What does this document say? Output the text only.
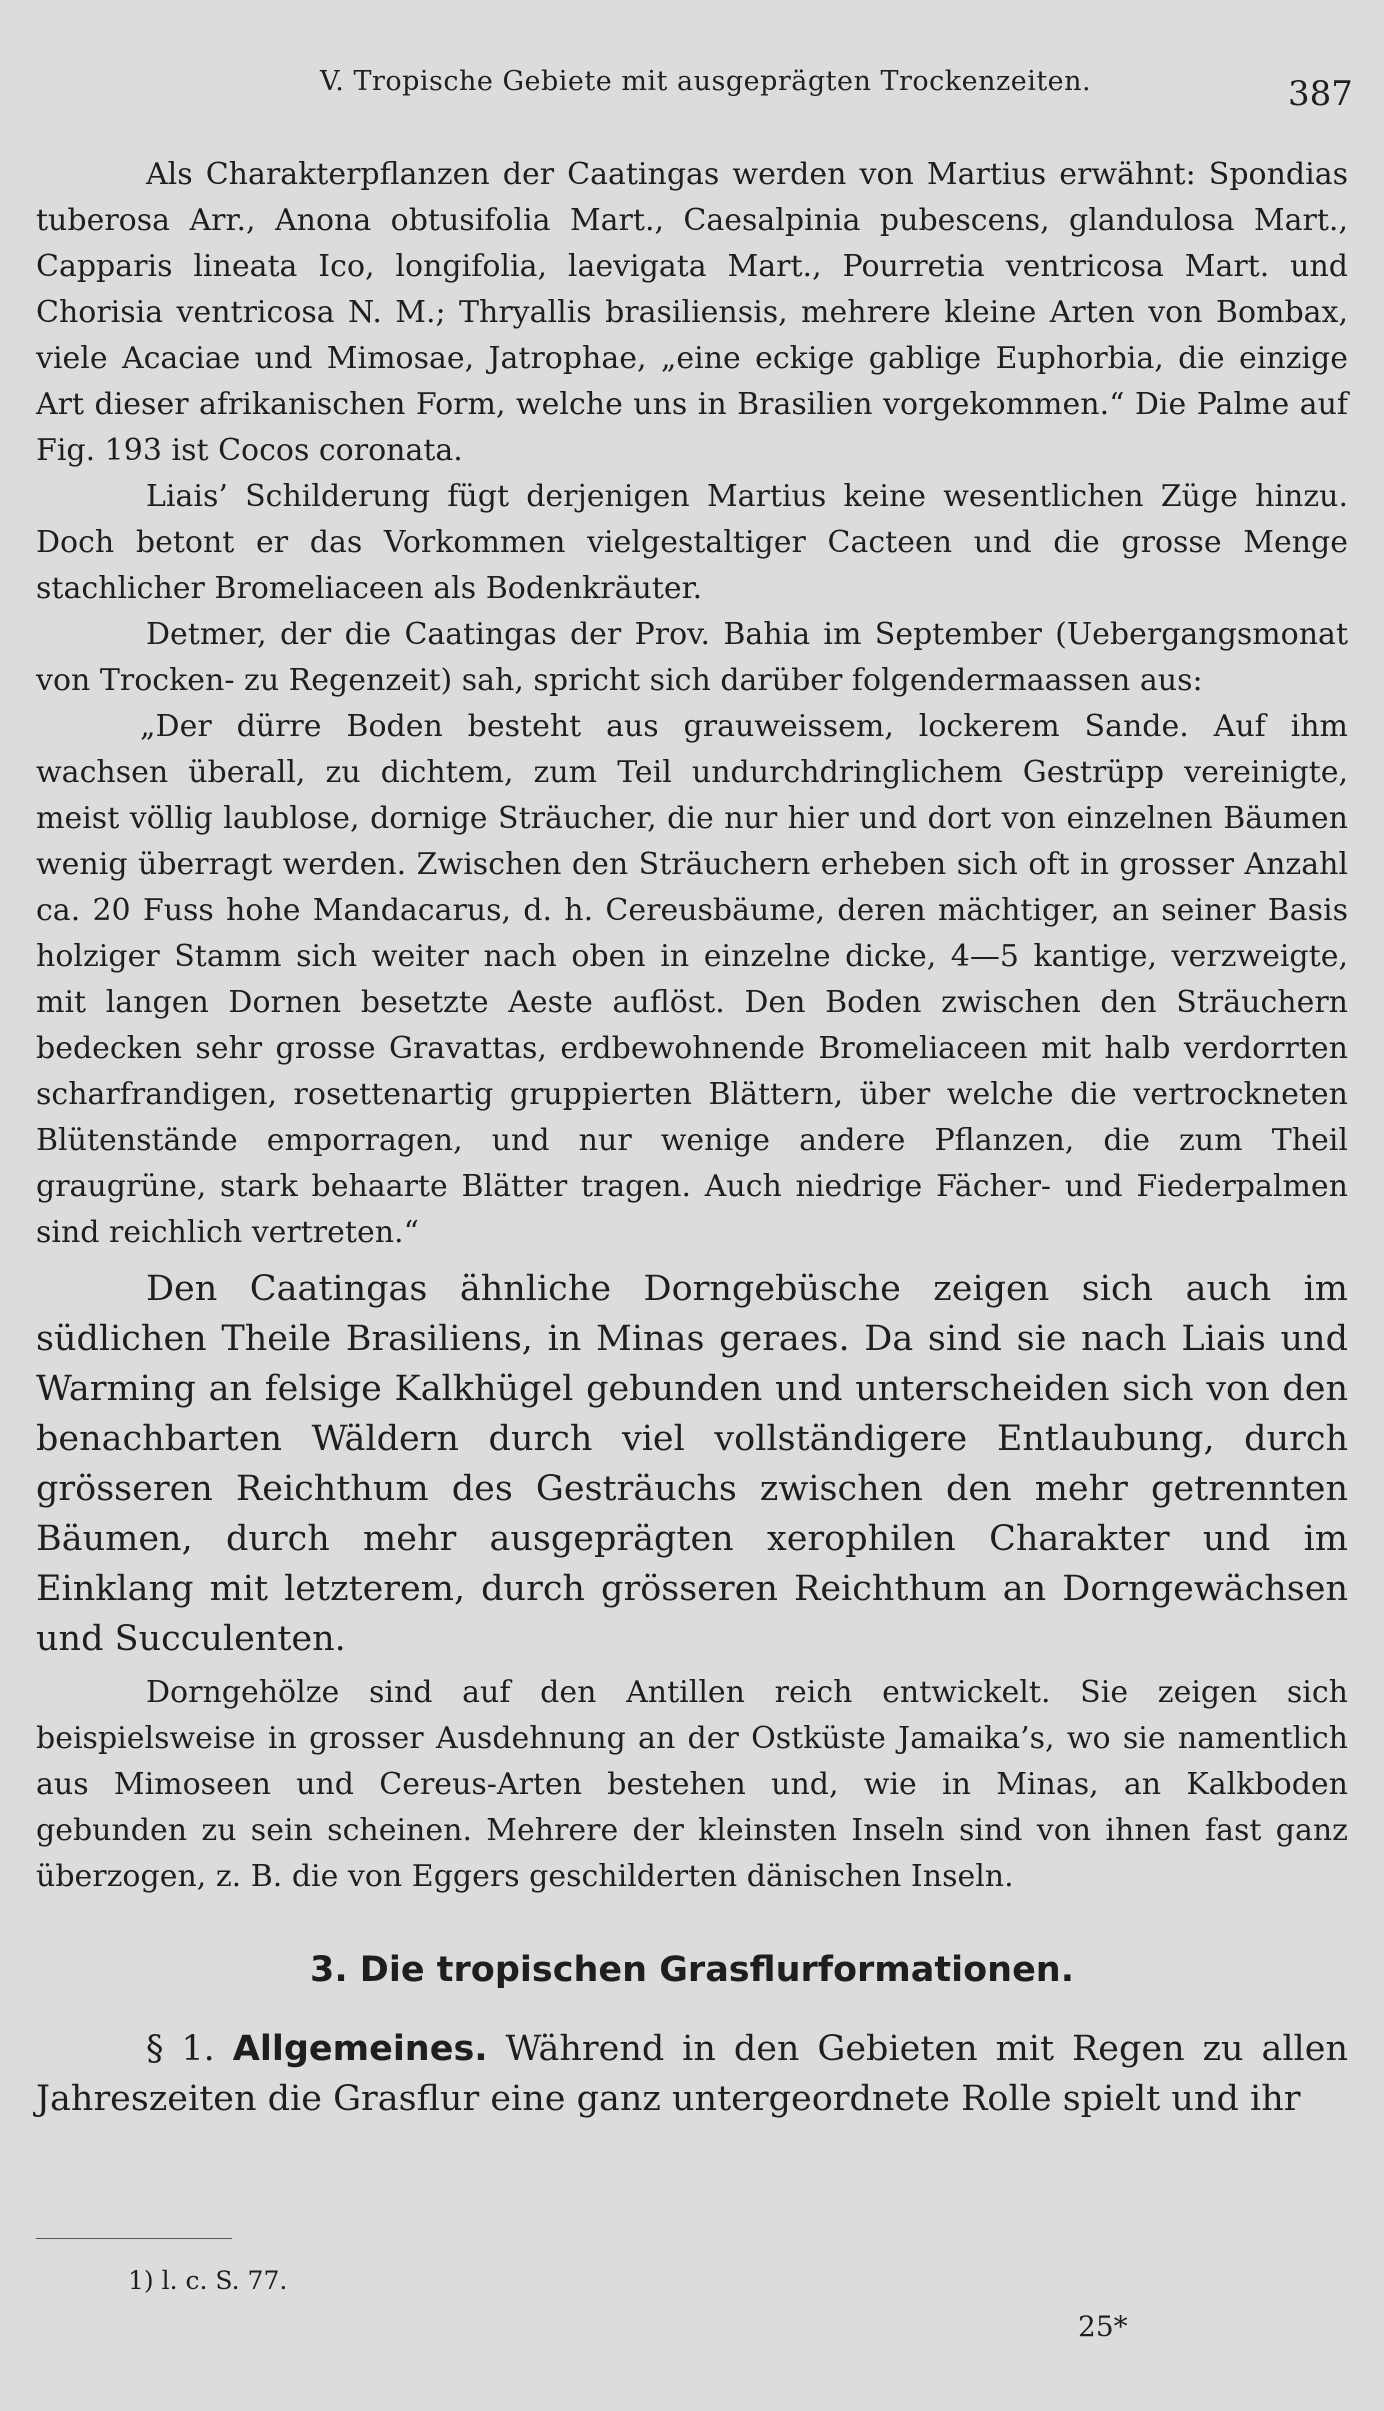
V. Tropische Gebiete mit ausgeprägten Trockenzeiten.	387

Als Charakterpflanzen der Caatingas werden von Martius erwähnt: Spondias tuberosa Arr., Anona obtusifolia Mart., Caesalpinia pubescens, glandulosa Mart., Capparis lineata Ico, longifolia, laevigata Mart., Pourretia ventricosa Mart. und Chorisia ventricosa N. M.; Thryallis brasiliensis, mehrere kleine Arten von Bombax, viele Acaciae und Mimosae, Jatrophae, „eine eckige gablige Euphorbia, die einzige Art dieser afrikanischen Form, welche uns in Brasilien vorgekommen.“ Die Palme auf Fig. 193 ist Cocos coronata.

Liais’ Schilderung fügt derjenigen Martius keine wesentlichen Züge hinzu. Doch betont er das Vorkommen vielgestaltiger Cacteen und die grosse Menge stachlicher Bromeliaceen als Bodenkräuter.

Detmer, der die Caatingas der Prov. Bahia im September (Uebergangsmonat von Trocken- zu Regenzeit) sah, spricht sich darüber folgendermaassen aus:

„Der dürre Boden besteht aus grauweissem, lockerem Sande. Auf ihm wachsen überall, zu dichtem, zum Teil undurchdringlichem Gestrüpp vereinigte, meist völlig laublose, dornige Sträucher, die nur hier und dort von einzelnen Bäumen wenig überragt werden. Zwischen den Sträuchern erheben sich oft in grosser Anzahl ca. 20 Fuss hohe Mandacarus, d. h. Cereusbäume, deren mächtiger, an seiner Basis holziger Stamm sich weiter nach oben in einzelne dicke, 4—5 kantige, verzweigte, mit langen Dornen besetzte Aeste auflöst. Den Boden zwischen den Sträuchern bedecken sehr grosse Gravattas, erdbewohnende Bromeliaceen mit halb verdorrten scharfrandigen, rosettenartig gruppierten Blättern, über welche die vertrockneten Blütenstände emporragen, und nur wenige andere Pflanzen, die zum Theil graugrüne, stark behaarte Blätter tragen. Auch niedrige Fächer- und Fiederpalmen sind reichlich vertreten.“

Den Caatingas ähnliche Dorngebüsche zeigen sich auch im südlichen Theile Brasiliens, in Minas geraes. Da sind sie nach Liais und Warming an felsige Kalkhügel gebunden und unterscheiden sich von den benachbarten Wäldern durch viel vollständigere Entlaubung, durch grösseren Reichthum des Gesträuchs zwischen den mehr getrennten Bäumen, durch mehr ausgeprägten xerophilen Charakter und im Einklang mit letzterem, durch grösseren Reichthum an Dorngewächsen und Succulenten.

Dorngehölze sind auf den Antillen reich entwickelt. Sie zeigen sich beispielsweise in grosser Ausdehnung an der Ostküste Jamaika’s, wo sie namentlich aus Mimoseen und Cereus-Arten bestehen und, wie in Minas, an Kalkboden gebunden zu sein scheinen. Mehrere der kleinsten Inseln sind von ihnen fast ganz überzogen, z. B. die von Eggers geschilderten dänischen Inseln.

3. Die tropischen Grasflurformationen.

§ 1. Allgemeines. Während in den Gebieten mit Regen zu allen Jahreszeiten die Grasflur eine ganz untergeordnete Rolle spielt und ihr

1) l. c. S. 77.
25*
